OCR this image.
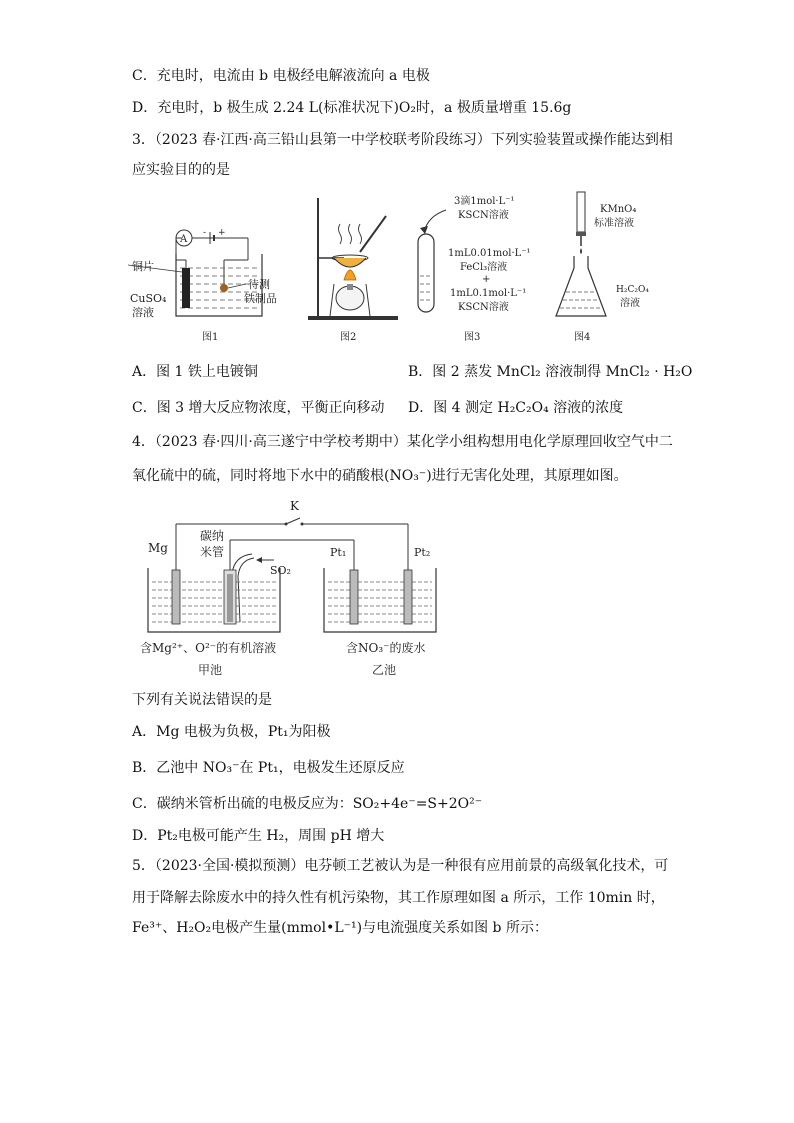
C．充电时，电流由 b 电极经电解液流向 a 电极
D．充电时，b 极生成 2.24 L(标准状况下)O₂时，a 极质量增重 15.6g
3．（2023 春·江西·高三铅山县第一中学校联考阶段练习）下列实验装置或操作能达到相
应实验目的的是
A
- +
铜片
CuSO₄
溶液
待测
铁制品
图1	图2
3滴1mol·L⁻¹
KSCN溶液
1mL0.01mol·L⁻¹
FeCl₃溶液
+
1mL0.1mol·L⁻¹
KSCN溶液
图3
KMnO₄
标准溶液
H₂C₂O₄
溶液
图4
A．图 1 铁上电镀铜	B．图 2 蒸发 MnCl₂ 溶液制得 MnCl₂ · H₂O
C．图 3 增大反应物浓度，平衡正向移动 D．图 4 测定 H₂C₂O₄ 溶液的浓度
4．（2023 春·四川·高三遂宁中学校考期中）某化学小组构想用电化学原理回收空气中二
氧化硫中的硫，同时将地下水中的硝酸根(NO₃⁻)进行无害化处理，其原理如图。
K
Mg
碳纳
米管
SO₂
Pt₁	Pt₂
含Mg²⁺、O²⁻的有机溶液	含NO₃⁻的废水
甲池	乙池
下列有关说法错误的是
A．Mg 电极为负极，Pt₁为阳极
B．乙池中 NO₃⁻在 Pt₁，电极发生还原反应
C．碳纳米管析出硫的电极反应为：SO₂+4e⁻=S+2O²⁻
D．Pt₂电极可能产生 H₂，周围 pH 增大
5．（2023·全国·模拟预测）电芬顿工艺被认为是一种很有应用前景的高级氧化技术，可
用于降解去除废水中的持久性有机污染物，其工作原理如图 a 所示，工作 10min 时，
Fe³⁺、H₂O₂电极产生量(mmol•L⁻¹)与电流强度关系如图 b 所示：
